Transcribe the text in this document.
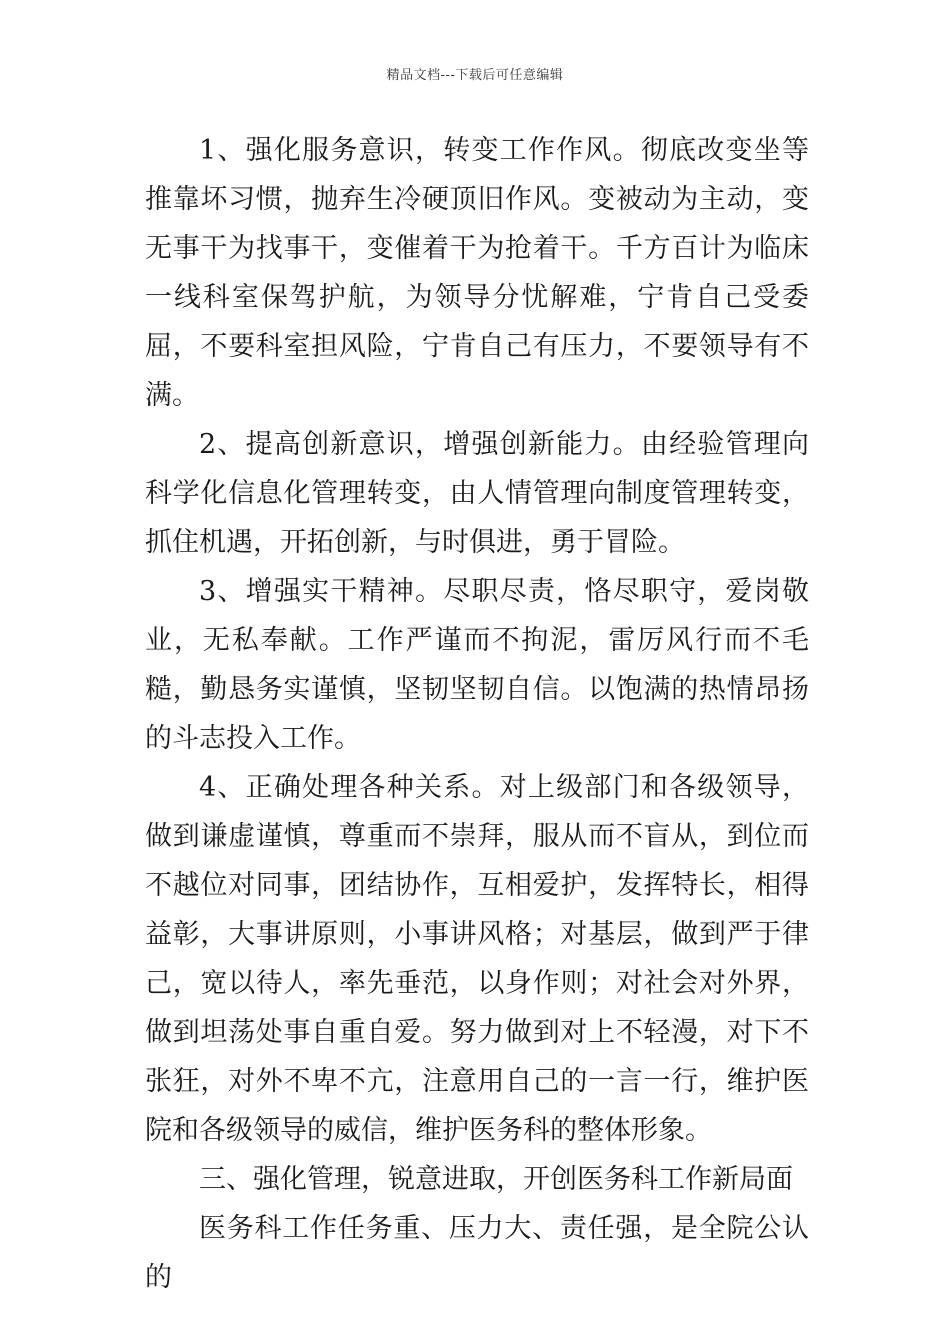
精品文档---下载后可任意编辑

1、强化服务意识，转变工作作风。彻底改变坐等推靠坏习惯，抛弃生冷硬顶旧作风。变被动为主动，变无事干为找事干，变催着干为抢着干。千方百计为临床一线科室保驾护航，为领导分忧解难，宁肯自己受委屈，不要科室担风险，宁肯自己有压力，不要领导有不满。

2、提高创新意识，增强创新能力。由经验管理向科学化信息化管理转变，由人情管理向制度管理转变，抓住机遇，开拓创新，与时俱进，勇于冒险。

3、增强实干精神。尽职尽责，恪尽职守，爱岗敬业，无私奉献。工作严谨而不拘泥，雷厉风行而不毛糙，勤恳务实谨慎，坚韧坚韧自信。以饱满的热情昂扬的斗志投入工作。

4、正确处理各种关系。对上级部门和各级领导，做到谦虚谨慎，尊重而不崇拜，服从而不盲从，到位而不越位对同事，团结协作，互相爱护，发挥特长，相得益彰，大事讲原则，小事讲风格；对基层，做到严于律己，宽以待人，率先垂范，以身作则；对社会对外界，做到坦荡处事自重自爱。努力做到对上不轻漫，对下不张狂，对外不卑不亢，注意用自己的一言一行，维护医院和各级领导的威信，维护医务科的整体形象。

三、强化管理，锐意进取，开创医务科工作新局面

医务科工作任务重、压力大、责任强，是全院公认的
